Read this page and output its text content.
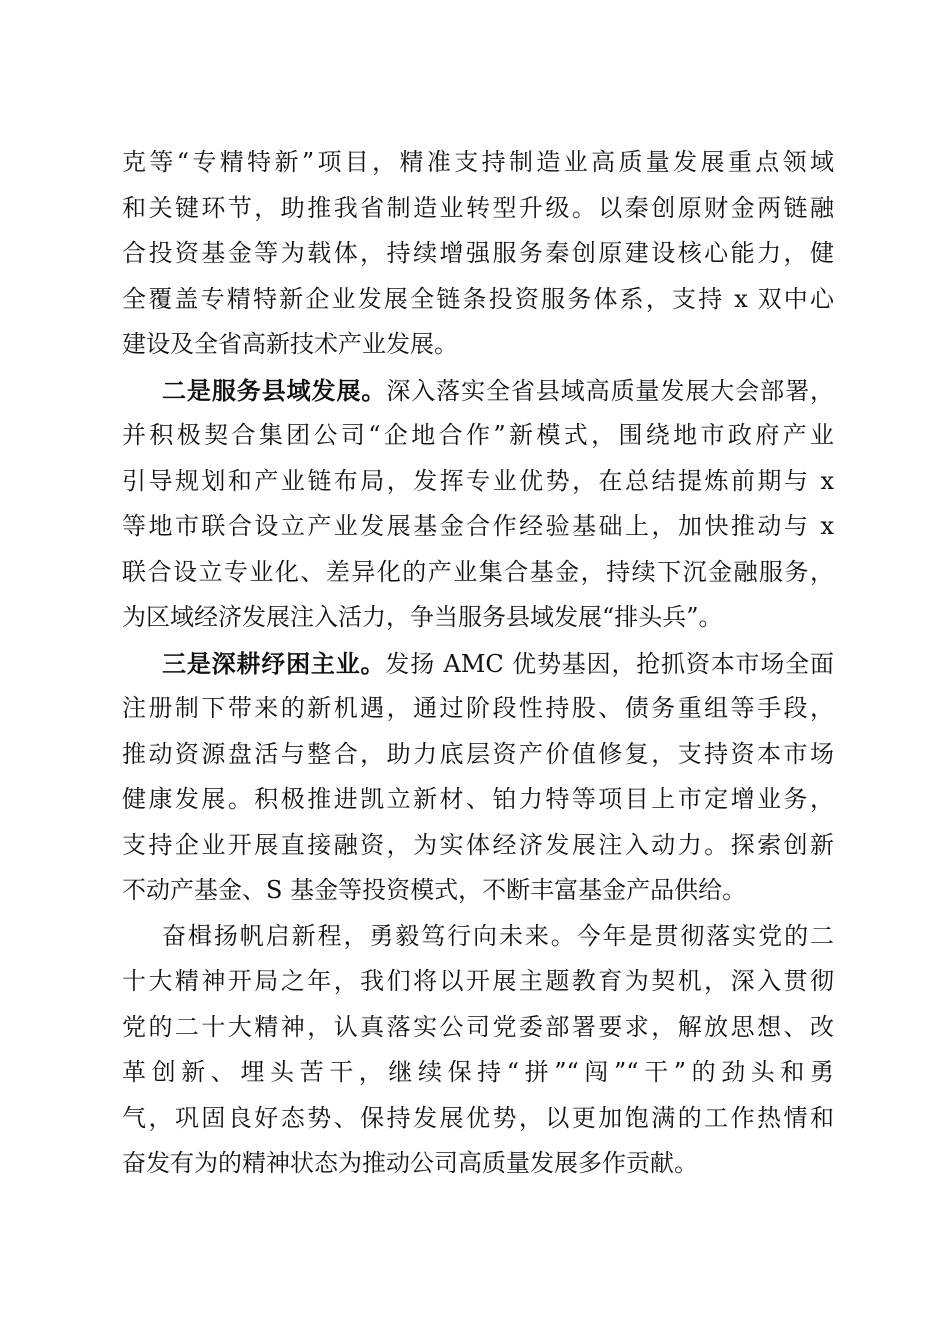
克等“专精特新”项目，精准支持制造业高质量发展重点领域
和关键环节，助推我省制造业转型升级。以秦创原财金两链融
合投资基金等为载体，持续增强服务秦创原建设核心能力，健
全覆盖专精特新企业发展全链条投资服务体系，支持 x 双中心
建设及全省高新技术产业发展。
二是服务县域发展。深入落实全省县域高质量发展大会部署，
并积极契合集团公司“企地合作”新模式，围绕地市政府产业
引导规划和产业链布局，发挥专业优势，在总结提炼前期与 x
等地市联合设立产业发展基金合作经验基础上，加快推动与 x
联合设立专业化、差异化的产业集合基金，持续下沉金融服务，
为区域经济发展注入活力，争当服务县域发展“排头兵”。
三是深耕纾困主业。发扬 AMC 优势基因，抢抓资本市场全面
注册制下带来的新机遇，通过阶段性持股、债务重组等手段，
推动资源盘活与整合，助力底层资产价值修复，支持资本市场
健康发展。积极推进凯立新材、铂力特等项目上市定增业务，
支持企业开展直接融资，为实体经济发展注入动力。探索创新
不动产基金、S 基金等投资模式，不断丰富基金产品供给。
奋楫扬帆启新程，勇毅笃行向未来。今年是贯彻落实党的二
十大精神开局之年，我们将以开展主题教育为契机，深入贯彻
党的二十大精神，认真落实公司党委部署要求，解放思想、改
革创新、埋头苦干，继续保持“拼”“闯”“干”的劲头和勇
气，巩固良好态势、保持发展优势，以更加饱满的工作热情和
奋发有为的精神状态为推动公司高质量发展多作贡献。
